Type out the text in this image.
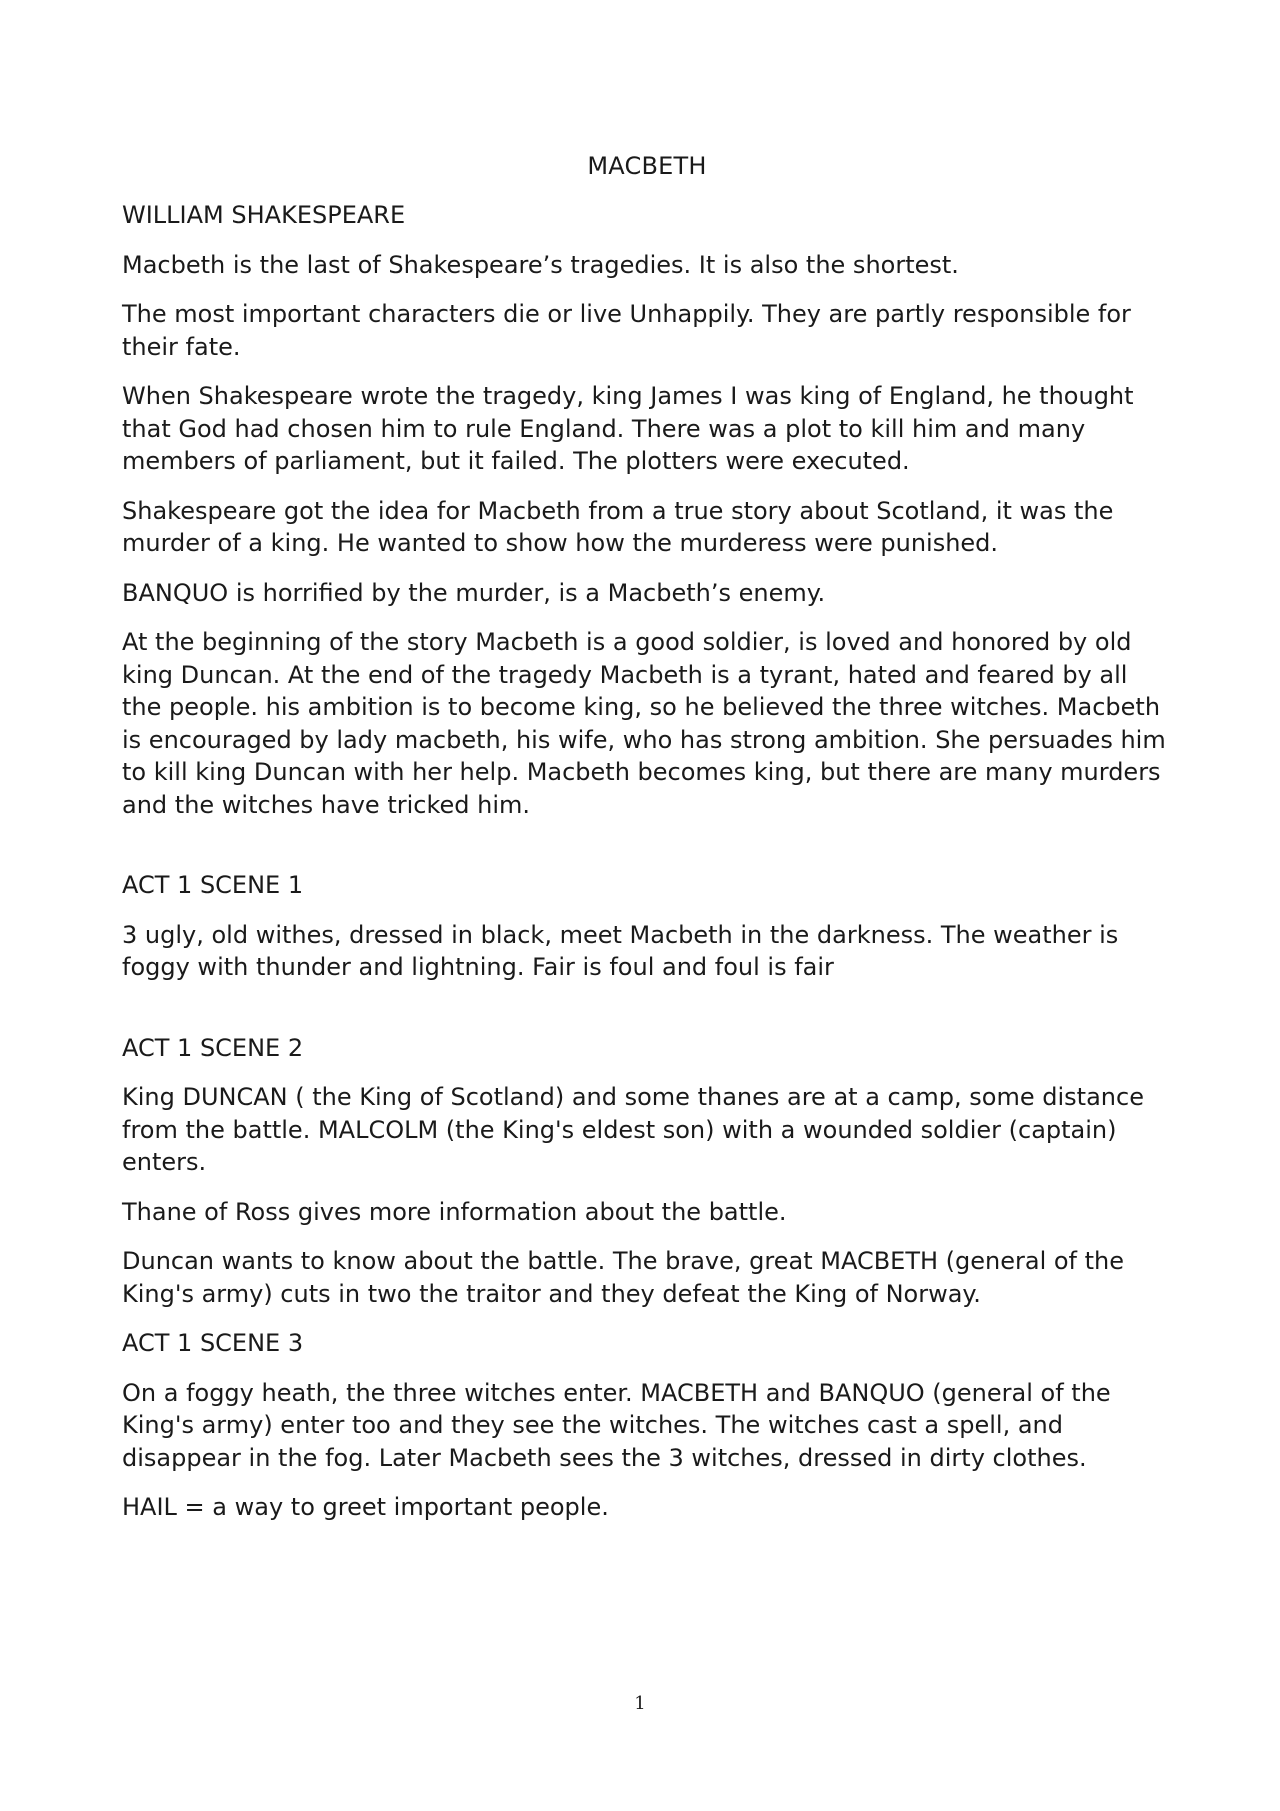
MACBETH

WILLIAM SHAKESPEARE

Macbeth is the last of Shakespeare’s tragedies. It is also the shortest.

The most important characters die or live Unhappily. They are partly responsible for their fate.

When Shakespeare wrote the tragedy, king James I was king of England, he thought that God had chosen him to rule England. There was a plot to kill him and many members of parliament, but it failed. The plotters were executed.

Shakespeare got the idea for Macbeth from a true story about Scotland, it was the murder of a king. He wanted to show how the murderess were punished.

BANQUO is horrified by the murder, is a Macbeth’s enemy.

At the beginning of the story Macbeth is a good soldier, is loved and honored by old king Duncan. At the end of the tragedy Macbeth is a tyrant, hated and feared by all the people. his ambition is to become king, so he believed the three witches. Macbeth is encouraged by lady macbeth, his wife, who has strong ambition. She persuades him to kill king Duncan with her help. Macbeth becomes king, but there are many murders and the witches have tricked him.

ACT 1 SCENE 1

3 ugly, old withes, dressed in black, meet Macbeth in the darkness. The weather is foggy with thunder and lightning. Fair is foul and foul is fair

ACT 1 SCENE 2

King DUNCAN ( the King of Scotland) and some thanes are at a camp, some distance from the battle. MALCOLM (the King's eldest son) with a wounded soldier (captain) enters.

Thane of Ross gives more information about the battle.

Duncan wants to know about the battle. The brave, great MACBETH (general of the King's army) cuts in two the traitor and they defeat the King of Norway.

ACT 1 SCENE 3

On a foggy heath, the three witches enter. MACBETH and BANQUO (general of the King's army) enter too and they see the witches. The witches cast a spell, and disappear in the fog. Later Macbeth sees the 3 witches, dressed in dirty clothes.

HAIL = a way to greet important people.

1
